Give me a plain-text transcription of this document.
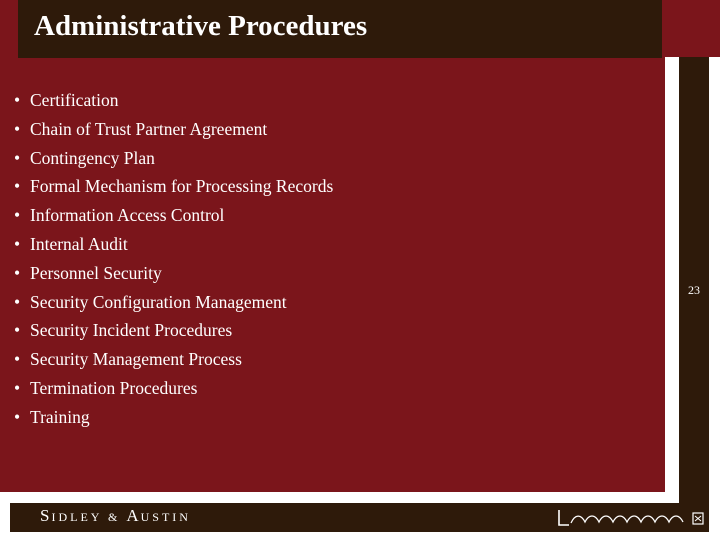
Administrative Procedures
23
• Certification
• Chain of Trust Partner Agreement
• Contingency Plan
• Formal Mechanism for Processing Records
• Information Access Control
• Internal Audit
• Personnel Security
• Security Configuration Management
• Security Incident Procedures
• Security Management Process
• Termination Procedures
• Training
SIDLEY & AUSTIN
